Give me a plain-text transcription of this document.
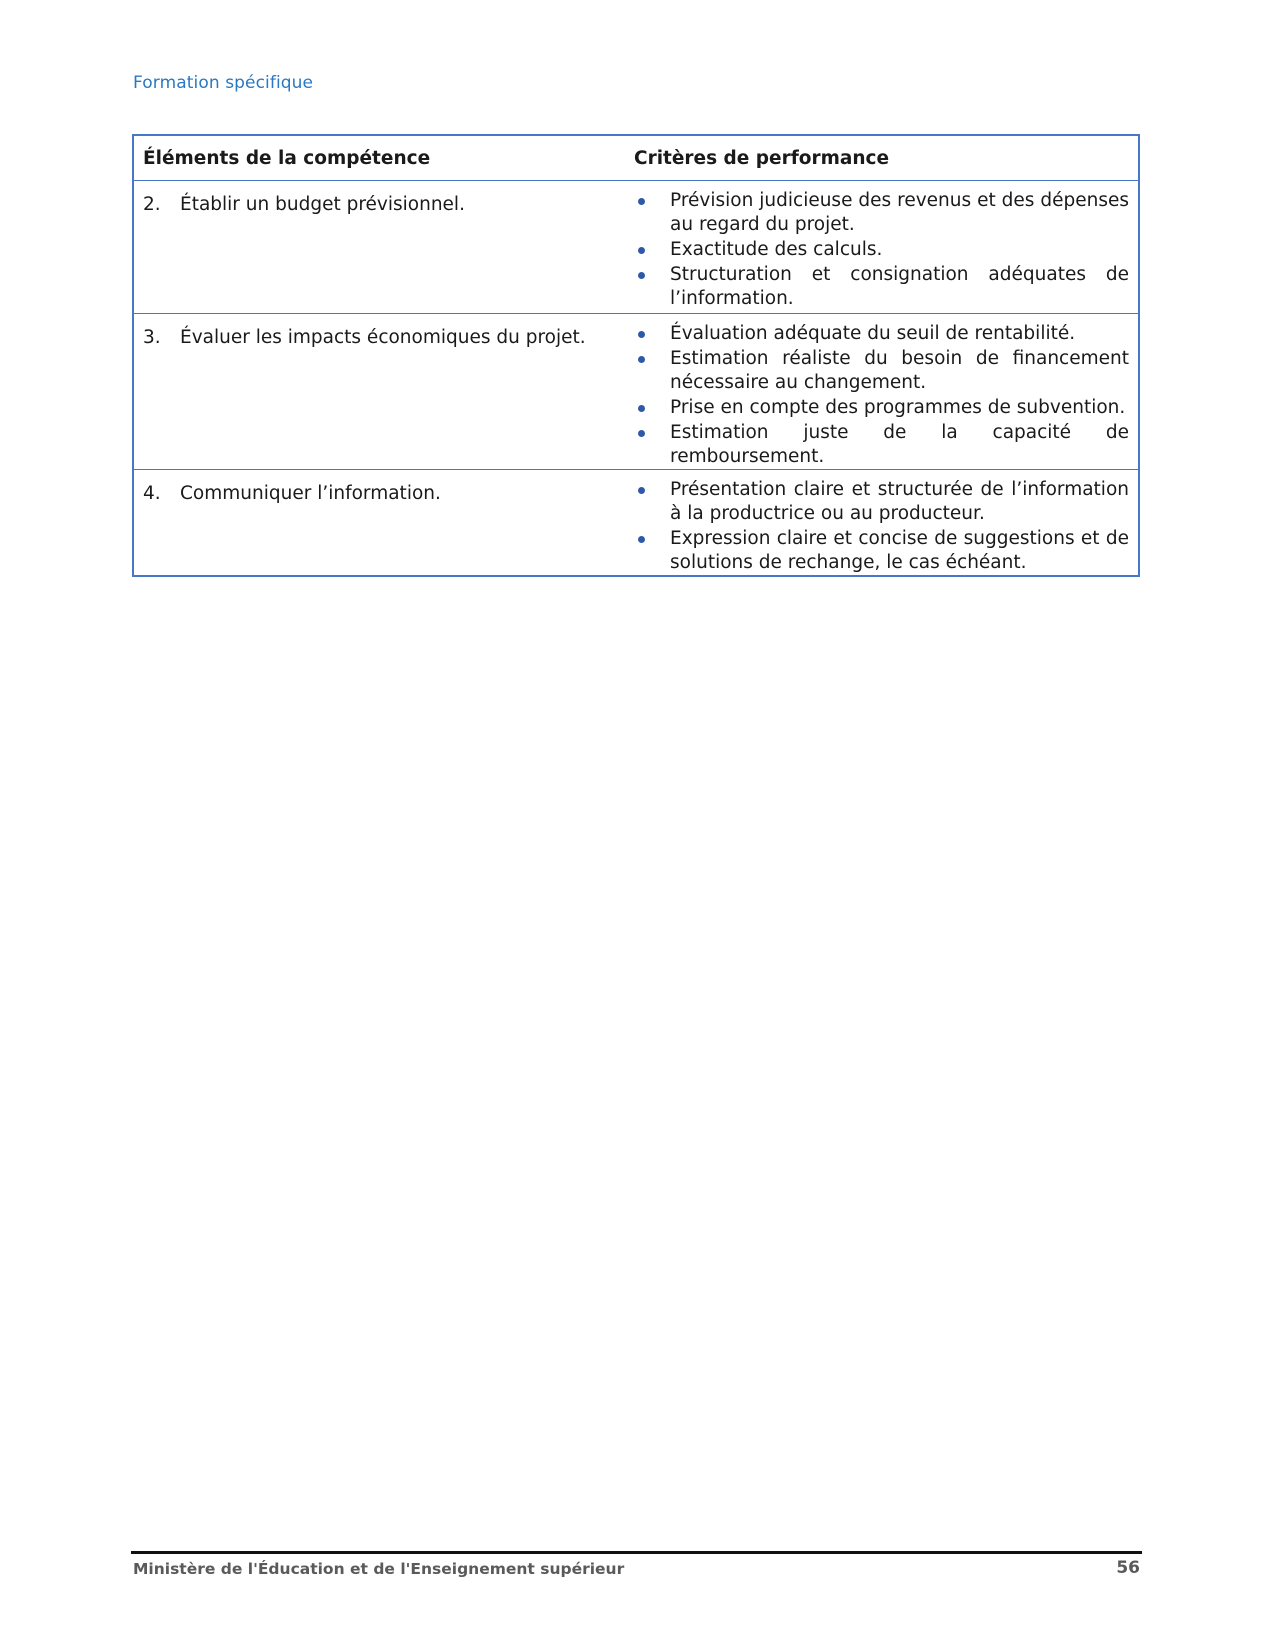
Formation spécifique
Éléments de la compétence	Critères de performance
2.	Établir un budget prévisionnel.	Prévision judicieuse des revenus et des dépenses au regard du projet.
Exactitude des calculs.
Structuration et consignation adéquates de l’information.
3.	Évaluer les impacts économiques du projet.	Évaluation adéquate du seuil de rentabilité.
Estimation réaliste du besoin de financement nécessaire au changement.
Prise en compte des programmes de subvention.
Estimation juste de la capacité de remboursement.
4.	Communiquer l’information.	Présentation claire et structurée de l’information à la productrice ou au producteur.
Expression claire et concise de suggestions et de solutions de rechange, le cas échéant.
Ministère de l'Éducation et de l'Enseignement supérieur	56
